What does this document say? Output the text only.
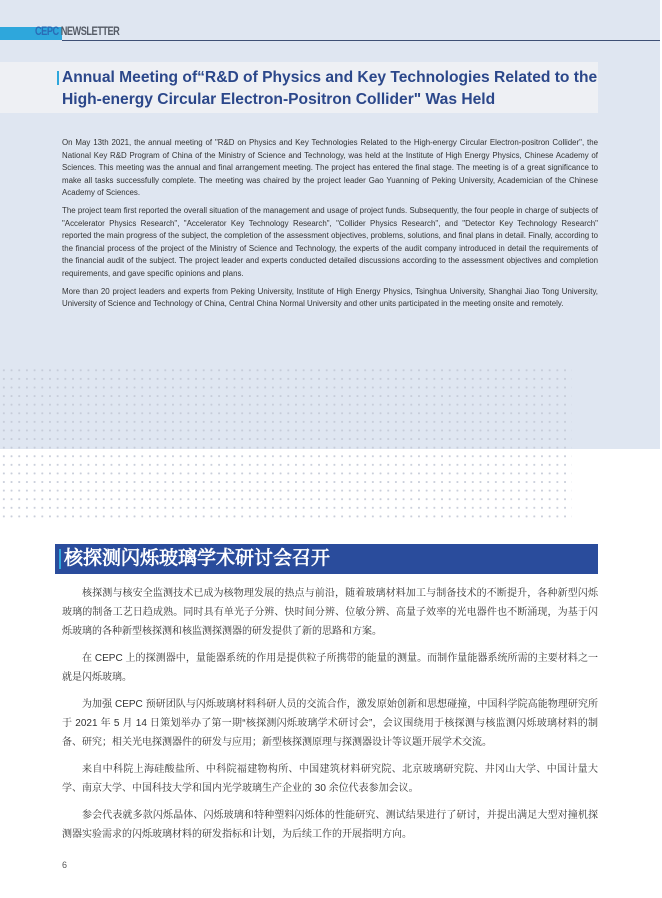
CEPC NEWSLETTER
Annual Meeting of“R&D of Physics and Key Technologies Related to the High-energy Circular Electron-Positron Collider" Was Held

On May 13th 2021, the annual meeting of "R&D on Physics and Key Technologies Related to the High-energy Circular Electron-positron Collider", the National Key R&D Program of China of the Ministry of Science and Technology, was held at the Institute of High Energy Physics, Chinese Academy of Sciences. This meeting was the annual and final arrangement meeting. The project has entered the final stage. The meeting is of a great significance to make all tasks successfully complete. The meeting was chaired by the project leader Gao Yuanning of Peking University, Academician of the Chinese Academy of Sciences.

The project team first reported the overall situation of the management and usage of project funds. Subsequently, the four people in charge of subjects of "Accelerator Physics Research", "Accelerator Key Technology Research", "Collider Physics Research", and "Detector Key Technology Research" reported the main progress of the subject, the completion of the assessment objectives, problems, solutions, and final plans in detail. Finally, according to the financial process of the project of the Ministry of Science and Technology, the experts of the audit company introduced in detail the requirements of the financial audit of the subject. The project leader and experts conducted detailed discussions according to the assessment objectives and completion requirements, and gave specific opinions and plans.

More than 20 project leaders and experts from Peking University, Institute of High Energy Physics, Tsinghua University, Shanghai Jiao Tong University, University of Science and Technology of China, Central China Normal University and other units participated in the meeting onsite and remotely.

核探测闪烁玻璃学术研讨会召开

核探测与核安全监测技术已成为核物理发展的热点与前沿，随着玻璃材料加工与制备技术的不断提升，各种新型闪烁玻璃的制备工艺日趋成熟。同时具有单光子分辨、快时间分辨、位敏分辨、高量子效率的光电器件也不断涌现，为基于闪烁玻璃的各种新型核探测和核监测探测器的研发提供了新的思路和方案。

在 CEPC 上的探测器中，量能器系统的作用是提供粒子所携带的能量的测量。而制作量能器系统所需的主要材料之一就是闪烁玻璃。

为加强 CEPC 预研团队与闪烁玻璃材料科研人员的交流合作，激发原始创新和思想碰撞，中国科学院高能物理研究所于 2021 年 5 月 14 日策划举办了第一期“核探测闪烁玻璃学术研讨会”，会议围绕用于核探测与核监测闪烁玻璃材料的制备、研究；相关光电探测器件的研发与应用；新型核探测原理与探测器设计等议题开展学术交流。

来自中科院上海硅酸盐所、中科院福建物构所、中国建筑材料研究院、北京玻璃研究院、井冈山大学、中国计量大学、南京大学、中国科技大学和国内光学玻璃生产企业的 30 余位代表参加会议。

参会代表就多款闪烁晶体、闪烁玻璃和特种塑料闪烁体的性能研究、测试结果进行了研讨，并提出满足大型对撞机探测器实验需求的闪烁玻璃材料的研发指标和计划，为后续工作的开展指明方向。

6
